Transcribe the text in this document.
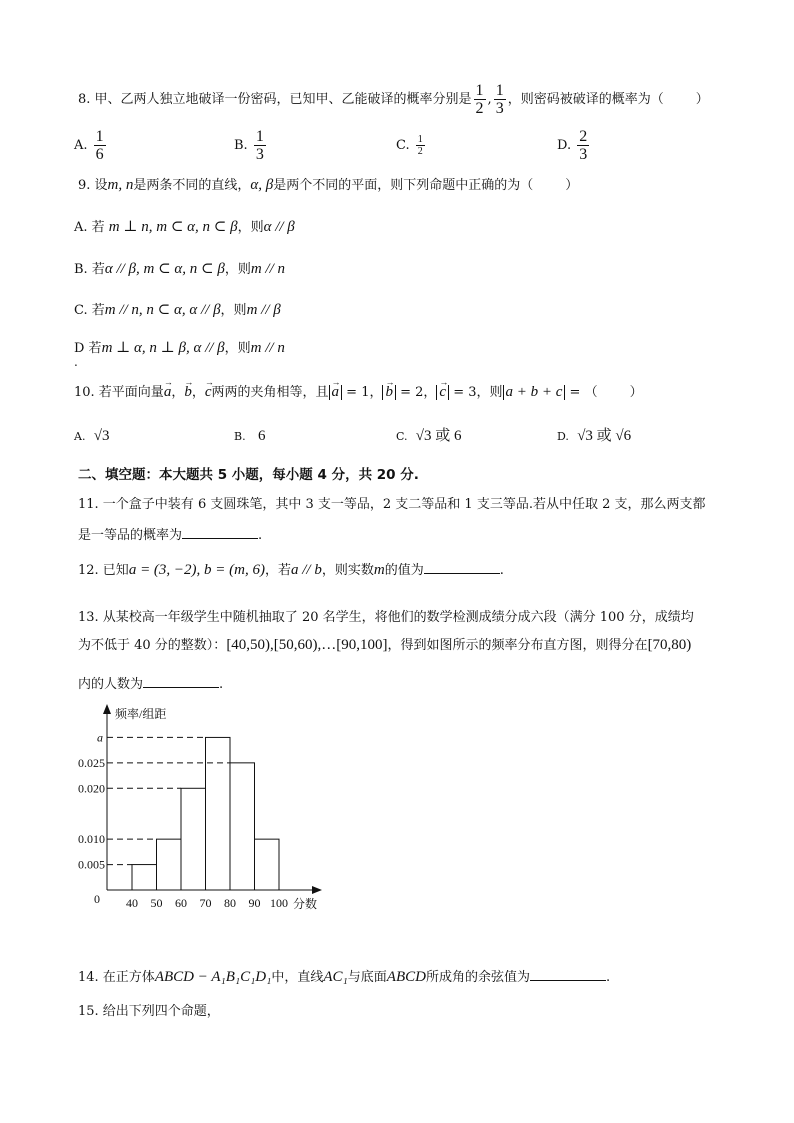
8. 甲、乙两人独立地破译一份密码，已知甲、乙能破译的概率分别是 $\frac{1}{2}$ , $\frac{1}{3}$ ，则密码被破译的概率为（ ）
A. $\frac{1}{6}$	B. $\frac{1}{3}$	C. $\frac{1}{2}$	D. $\frac{2}{3}$
9. 设m, n是两条不同的直线，α, β是两个不同的平面，则下列命题中正确的为（ ）
A. 若 m ⊥ n, m ⊂ α, n ⊂ β，则α // β
B. 若α // β, m ⊂ α, n ⊂ β，则m // n
C. 若m // n, n ⊂ α, α // β，则m // β
D 若m ⊥ α, n ⊥ β, α // β，则m // n
.
10. 若平面向量→ a，→ b，→ c两两的夹角相等，且 → a = 1， → b = 2， → c = 3，则 a + b + c = （ ）
A. √3	B. 6	C. √3 或 6	D. √3 或 √6
二、填空题：本大题共 5 小题，每小题 4 分，共 20 分.
11. 一个盒子中装有 6 支圆珠笔，其中 3 支一等品，2 支二等品和 1 支三等品.若从中任取 2 支，那么两支都
是一等品的概率为	.
12. 已知a = (3, −2), b = (m, 6)，若a // b，则实数m的值为	.
13. 从某校高一年级学生中随机抽取了 20 名学生，将他们的数学检测成绩分成六段（满分 100 分，成绩均
为不低于 40 分的整数）：[40,50),[50,60),…[90,100]，得到如图所示的频率分布直方图，则得分在[70,80)
内的人数为	.
频率/组距
分数
0
0.005
0.010
0.020
0.025
a
40 50 60 70 80 90 100
14. 在正方体ABCD − A₁B₁C₁D₁中，直线AC₁与底面ABCD所成角的余弦值为	.
15. 给出下列四个命题，
